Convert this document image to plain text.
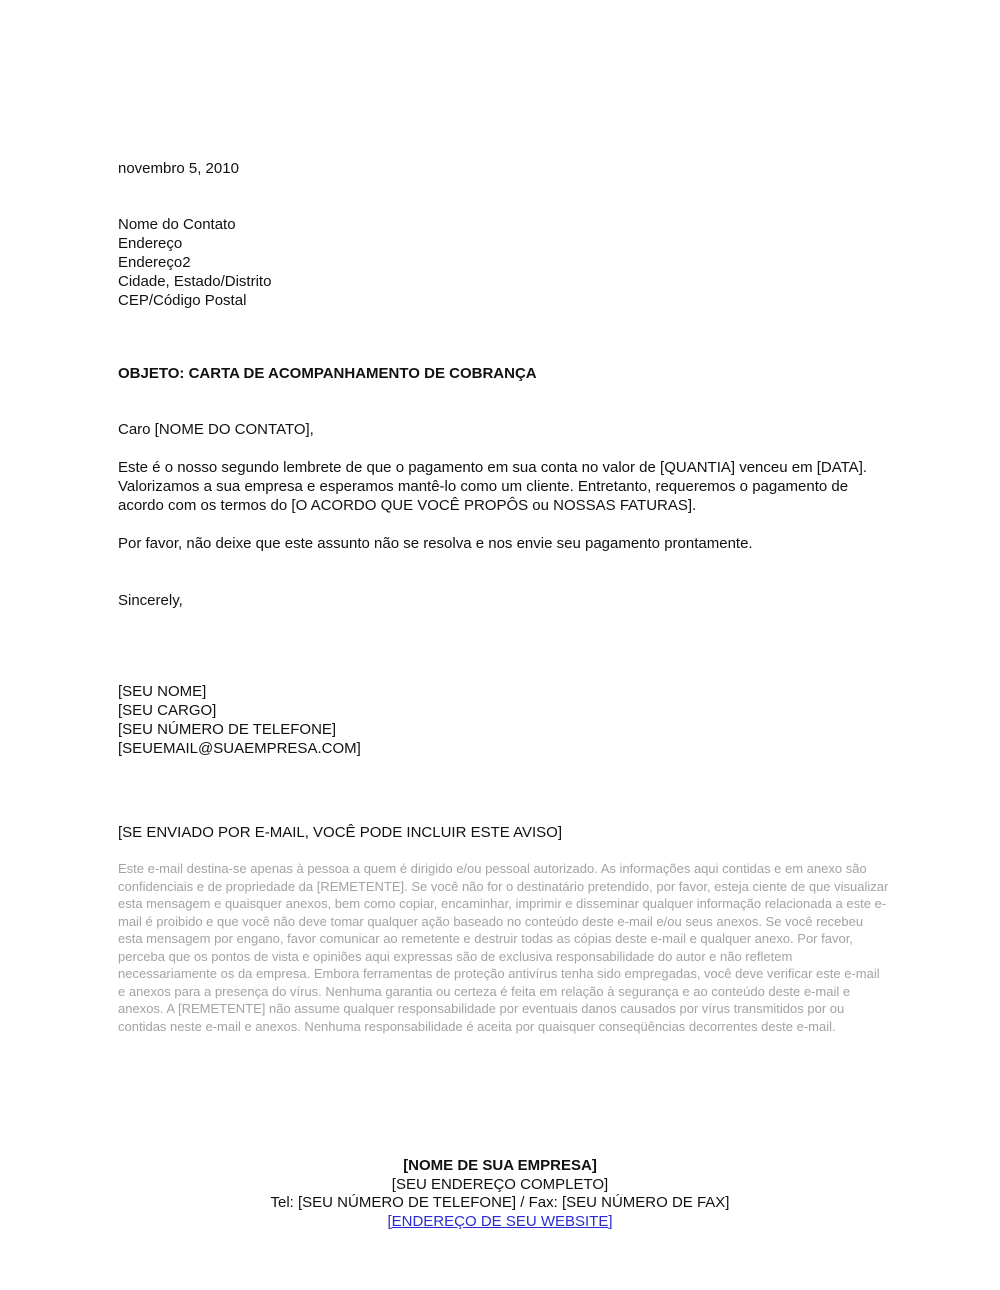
novembro 5, 2010

Nome do Contato
Endereço
Endereço2
Cidade, Estado/Distrito
CEP/Código Postal

OBJETO: CARTA DE ACOMPANHAMENTO DE COBRANÇA

Caro [NOME DO CONTATO],

Este é o nosso segundo lembrete de que o pagamento em sua conta no valor de [QUANTIA] venceu em [DATA]. Valorizamos a sua empresa e esperamos mantê-lo como um cliente. Entretanto, requeremos o pagamento de acordo com os termos do [O ACORDO QUE VOCÊ PROPÔS ou NOSSAS FATURAS].

Por favor, não deixe que este assunto não se resolva e nos envie seu pagamento prontamente.

Sincerely,

[SEU NOME]
[SEU CARGO]
[SEU NÚMERO DE TELEFONE]
[SEUEMAIL@SUAEMPRESA.COM]

[SE ENVIADO POR E-MAIL, VOCÊ PODE INCLUIR ESTE AVISO]

Este e-mail destina-se apenas à pessoa a quem é dirigido e/ou pessoal autorizado. As informações aqui contidas e em anexo são confidenciais e de propriedade da [REMETENTE]. Se você não for o destinatário pretendido, por favor, esteja ciente de que visualizar esta mensagem e quaisquer anexos, bem como copiar, encaminhar, imprimir e disseminar qualquer informação relacionada a este e-mail é proibido e que você não deve tomar qualquer ação baseado no conteúdo deste e-mail e/ou seus anexos. Se você recebeu esta mensagem por engano, favor comunicar ao remetente e destruir todas as cópias deste e-mail e qualquer anexo. Por favor, perceba que os pontos de vista e opiniões aqui expressas são de exclusiva responsabilidade do autor e não refletem necessariamente os da empresa. Embora ferramentas de proteção antivírus tenha sido empregadas, você deve verificar este e-mail e anexos para a presença do vírus. Nenhuma garantia ou certeza é feita em relação à segurança e ao conteúdo deste e-mail e anexos. A [REMETENTE] não assume qualquer responsabilidade por eventuais danos causados por vírus transmitidos por ou contidas neste e-mail e anexos. Nenhuma responsabilidade é aceita por quaisquer conseqüências decorrentes deste e-mail.

[NOME DE SUA EMPRESA]
[SEU ENDEREÇO COMPLETO]
Tel: [SEU NÚMERO DE TELEFONE] / Fax: [SEU NÚMERO DE FAX]
[ENDEREÇO DE SEU WEBSITE]
